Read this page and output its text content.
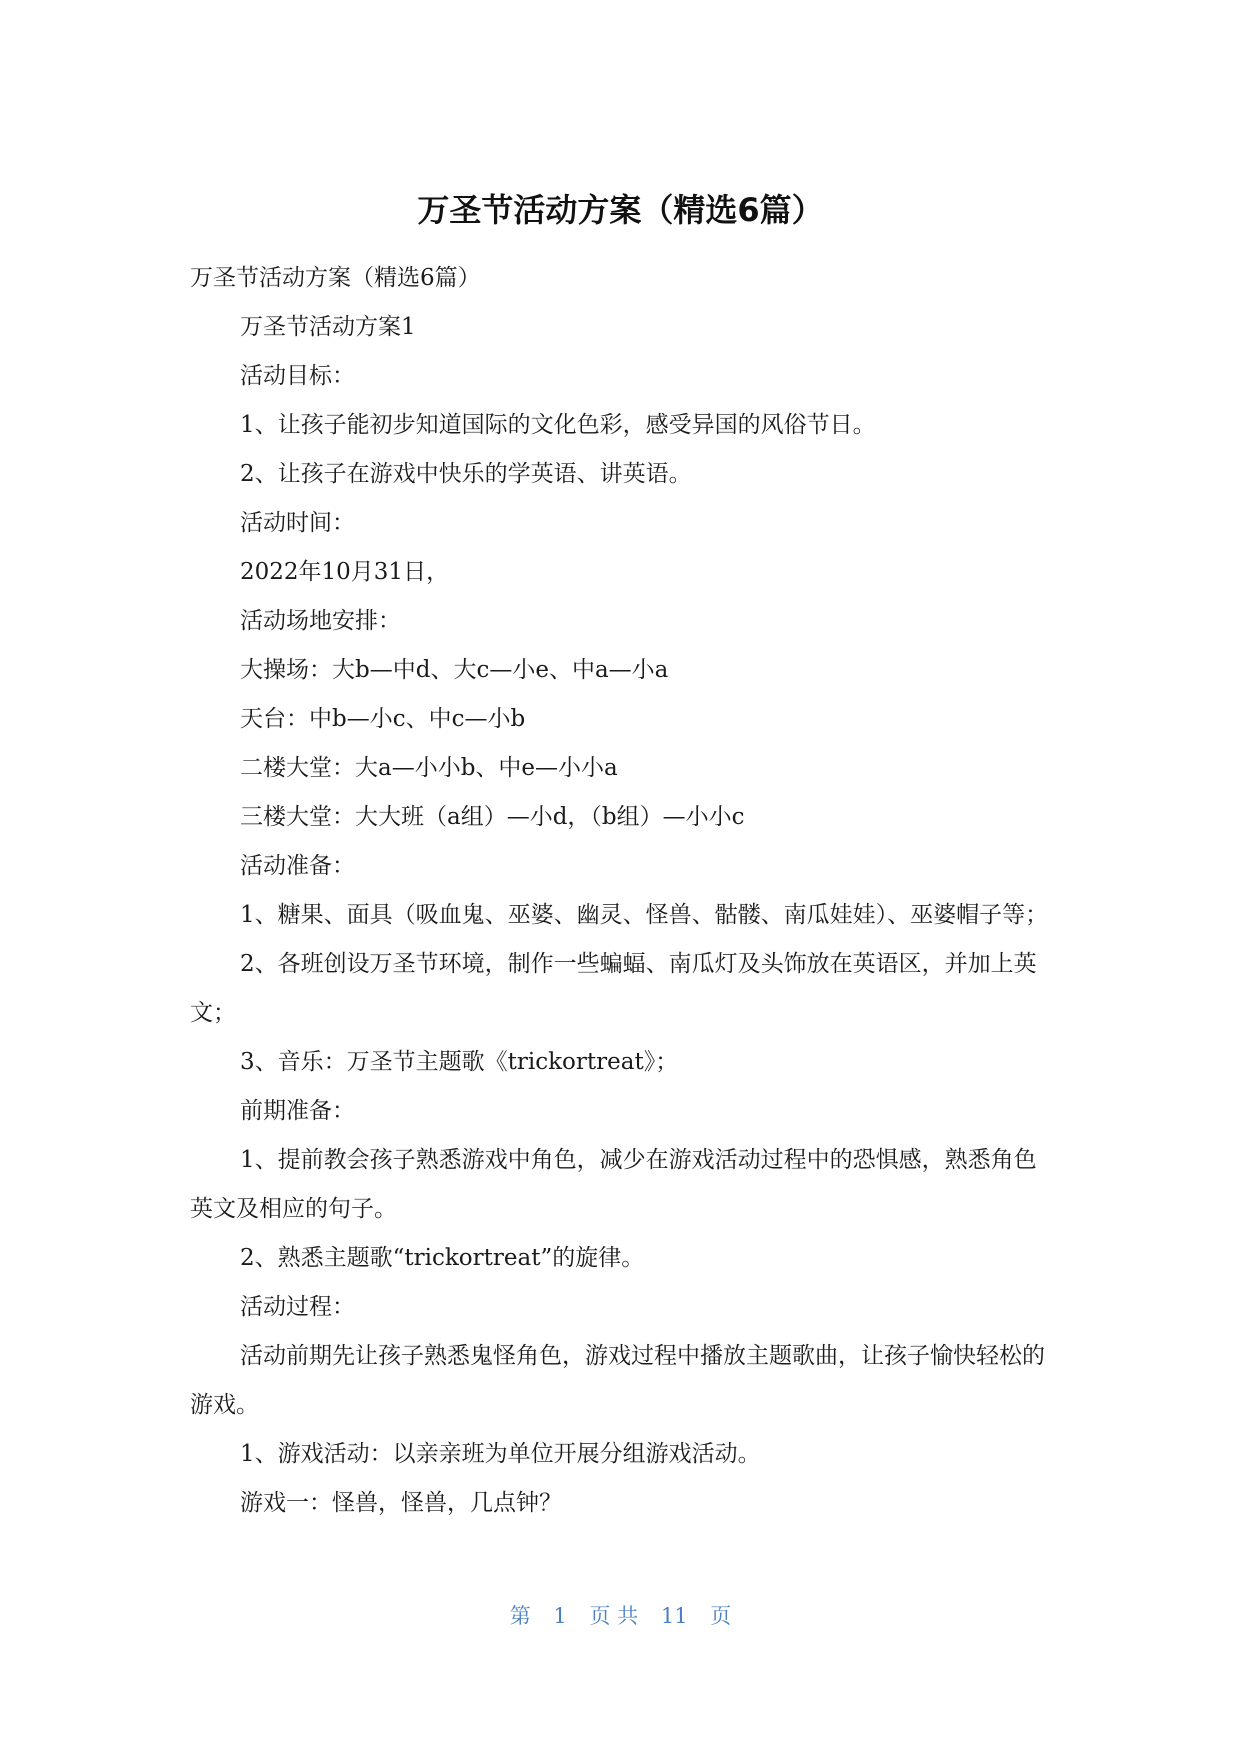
万圣节活动方案（精选6篇）

万圣节活动方案（精选6篇）

万圣节活动方案1

活动目标：

1、让孩子能初步知道国际的文化色彩，感受异国的风俗节日。

2、让孩子在游戏中快乐的学英语、讲英语。

活动时间：

2022年10月31日，

活动场地安排：

大操场：大b—中d、大c—小e、中a—小a

天台：中b—小c、中c—小b

二楼大堂：大a—小小b、中e—小小a

三楼大堂：大大班（a组）—小d，（b组）—小小c

活动准备：

1、糖果、面具（吸血鬼、巫婆、幽灵、怪兽、骷髅、南瓜娃娃）、巫婆帽子等；

2、各班创设万圣节环境，制作一些蝙蝠、南瓜灯及头饰放在英语区，并加上英文；

3、音乐：万圣节主题歌《trickortreat》；

前期准备：

1、提前教会孩子熟悉游戏中角色，减少在游戏活动过程中的恐惧感，熟悉角色英文及相应的句子。

2、熟悉主题歌“trickortreat”的旋律。

活动过程：

活动前期先让孩子熟悉鬼怪角色，游戏过程中播放主题歌曲，让孩子愉快轻松的游戏。

1、游戏活动：以亲亲班为单位开展分组游戏活动。

游戏一：怪兽，怪兽，几点钟？

第 1 页 共 11 页
